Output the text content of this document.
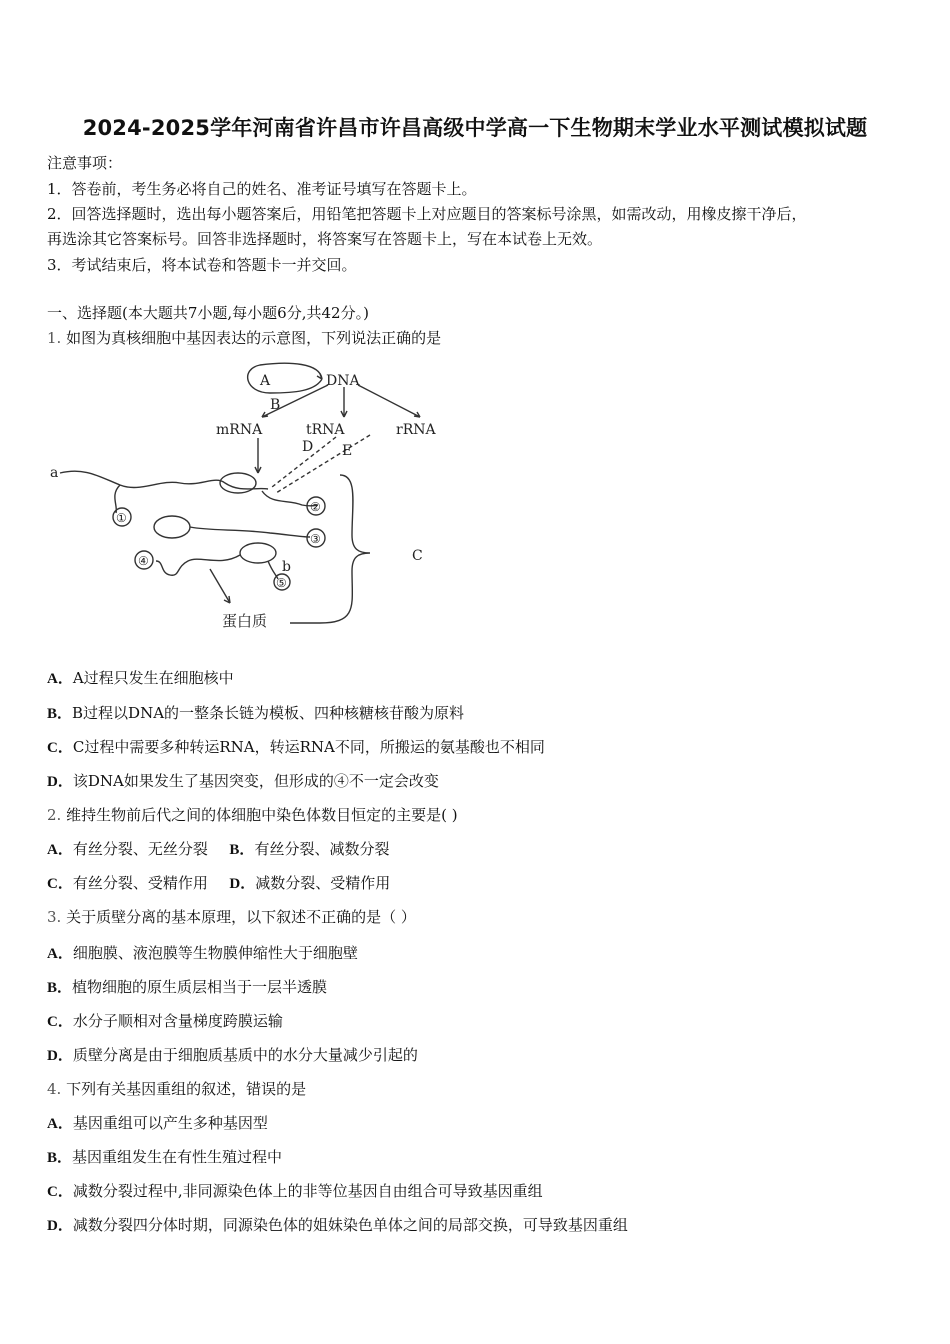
2024-2025学年河南省许昌市许昌高级中学高一下生物期末学业水平测试模拟试题
注意事项：
1．答卷前，考生务必将自己的姓名、准考证号填写在答题卡上。
2．回答选择题时，选出每小题答案后，用铅笔把答题卡上对应题目的答案标号涂黑，如需改动，用橡皮擦干净后，
再选涂其它答案标号。回答非选择题时，将答案写在答题卡上，写在本试卷上无效。
3．考试结束后，将本试卷和答题卡一并交回。
一、选择题(本大题共7小题,每小题6分,共42分。)
1. 如图为真核细胞中基因表达的示意图，下列说法正确的是
A	DNA
B
mRNA	tRNA	rRNA
D E
a
b
C
①
②
③
④
⑤
蛋白质
A．A过程只发生在细胞核中
B．B过程以DNA的一整条长链为模板、四种核糖核苷酸为原料
C．C过程中需要多种转运RNA，转运RNA不同，所搬运的氨基酸也不相同
D．该DNA如果发生了基因突变，但形成的④不一定会改变
2. 维持生物前后代之间的体细胞中染色体数目恒定的主要是( )
A．有丝分裂、无丝分裂 B．有丝分裂、减数分裂
C．有丝分裂、受精作用 D．减数分裂、受精作用
3. 关于质壁分离的基本原理，以下叙述不正确的是（ ）
A．细胞膜、液泡膜等生物膜伸缩性大于细胞壁
B．植物细胞的原生质层相当于一层半透膜
C．水分子顺相对含量梯度跨膜运输
D．质壁分离是由于细胞质基质中的水分大量减少引起的
4. 下列有关基因重组的叙述，错误的是
A．基因重组可以产生多种基因型
B．基因重组发生在有性生殖过程中
C．减数分裂过程中,非同源染色体上的非等位基因自由组合可导致基因重组
D．减数分裂四分体时期，同源染色体的姐妹染色单体之间的局部交换，可导致基因重组
